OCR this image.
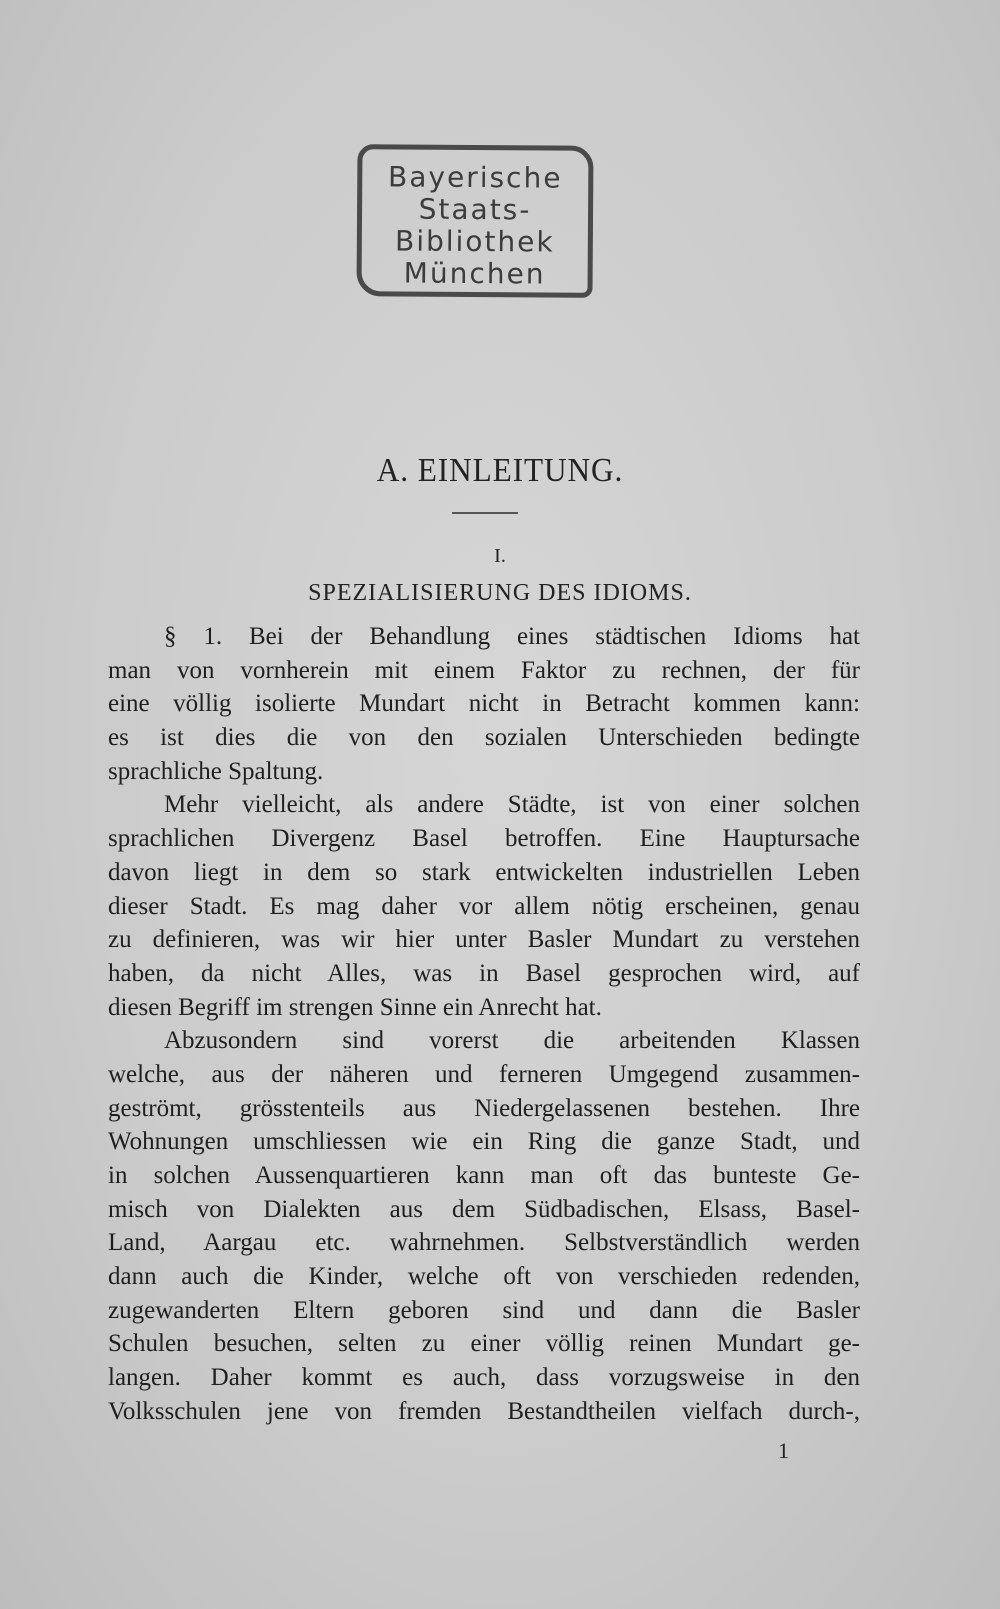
Bayerische
Staats-
Bibliothek
München
A. EINLEITUNG.
I.
SPEZIALISIERUNG DES IDIOMS.
§ 1. Bei der Behandlung eines städtischen Idioms hat
man von vornherein mit einem Faktor zu rechnen, der für
eine völlig isolierte Mundart nicht in Betracht kommen kann:
es ist dies die von den sozialen Unterschieden bedingte
sprachliche Spaltung.
Mehr vielleicht, als andere Städte, ist von einer solchen
sprachlichen Divergenz Basel betroffen. Eine Hauptursache
davon liegt in dem so stark entwickelten industriellen Leben
dieser Stadt. Es mag daher vor allem nötig erscheinen, genau
zu definieren, was wir hier unter Basler Mundart zu verstehen
haben, da nicht Alles, was in Basel gesprochen wird, auf
diesen Begriff im strengen Sinne ein Anrecht hat.
Abzusondern sind vorerst die arbeitenden Klassen
welche, aus der näheren und ferneren Umgegend zusammen-
geströmt, grösstenteils aus Niedergelassenen bestehen. Ihre
Wohnungen umschliessen wie ein Ring die ganze Stadt, und
in solchen Aussenquartieren kann man oft das bunteste Ge-
misch von Dialekten aus dem Südbadischen, Elsass, Basel-
Land, Aargau etc. wahrnehmen. Selbstverständlich werden
dann auch die Kinder, welche oft von verschieden redenden,
zugewanderten Eltern geboren sind und dann die Basler
Schulen besuchen, selten zu einer völlig reinen Mundart ge-
langen. Daher kommt es auch, dass vorzugsweise in den
Volksschulen jene von fremden Bestandtheilen vielfach durch-,
1
